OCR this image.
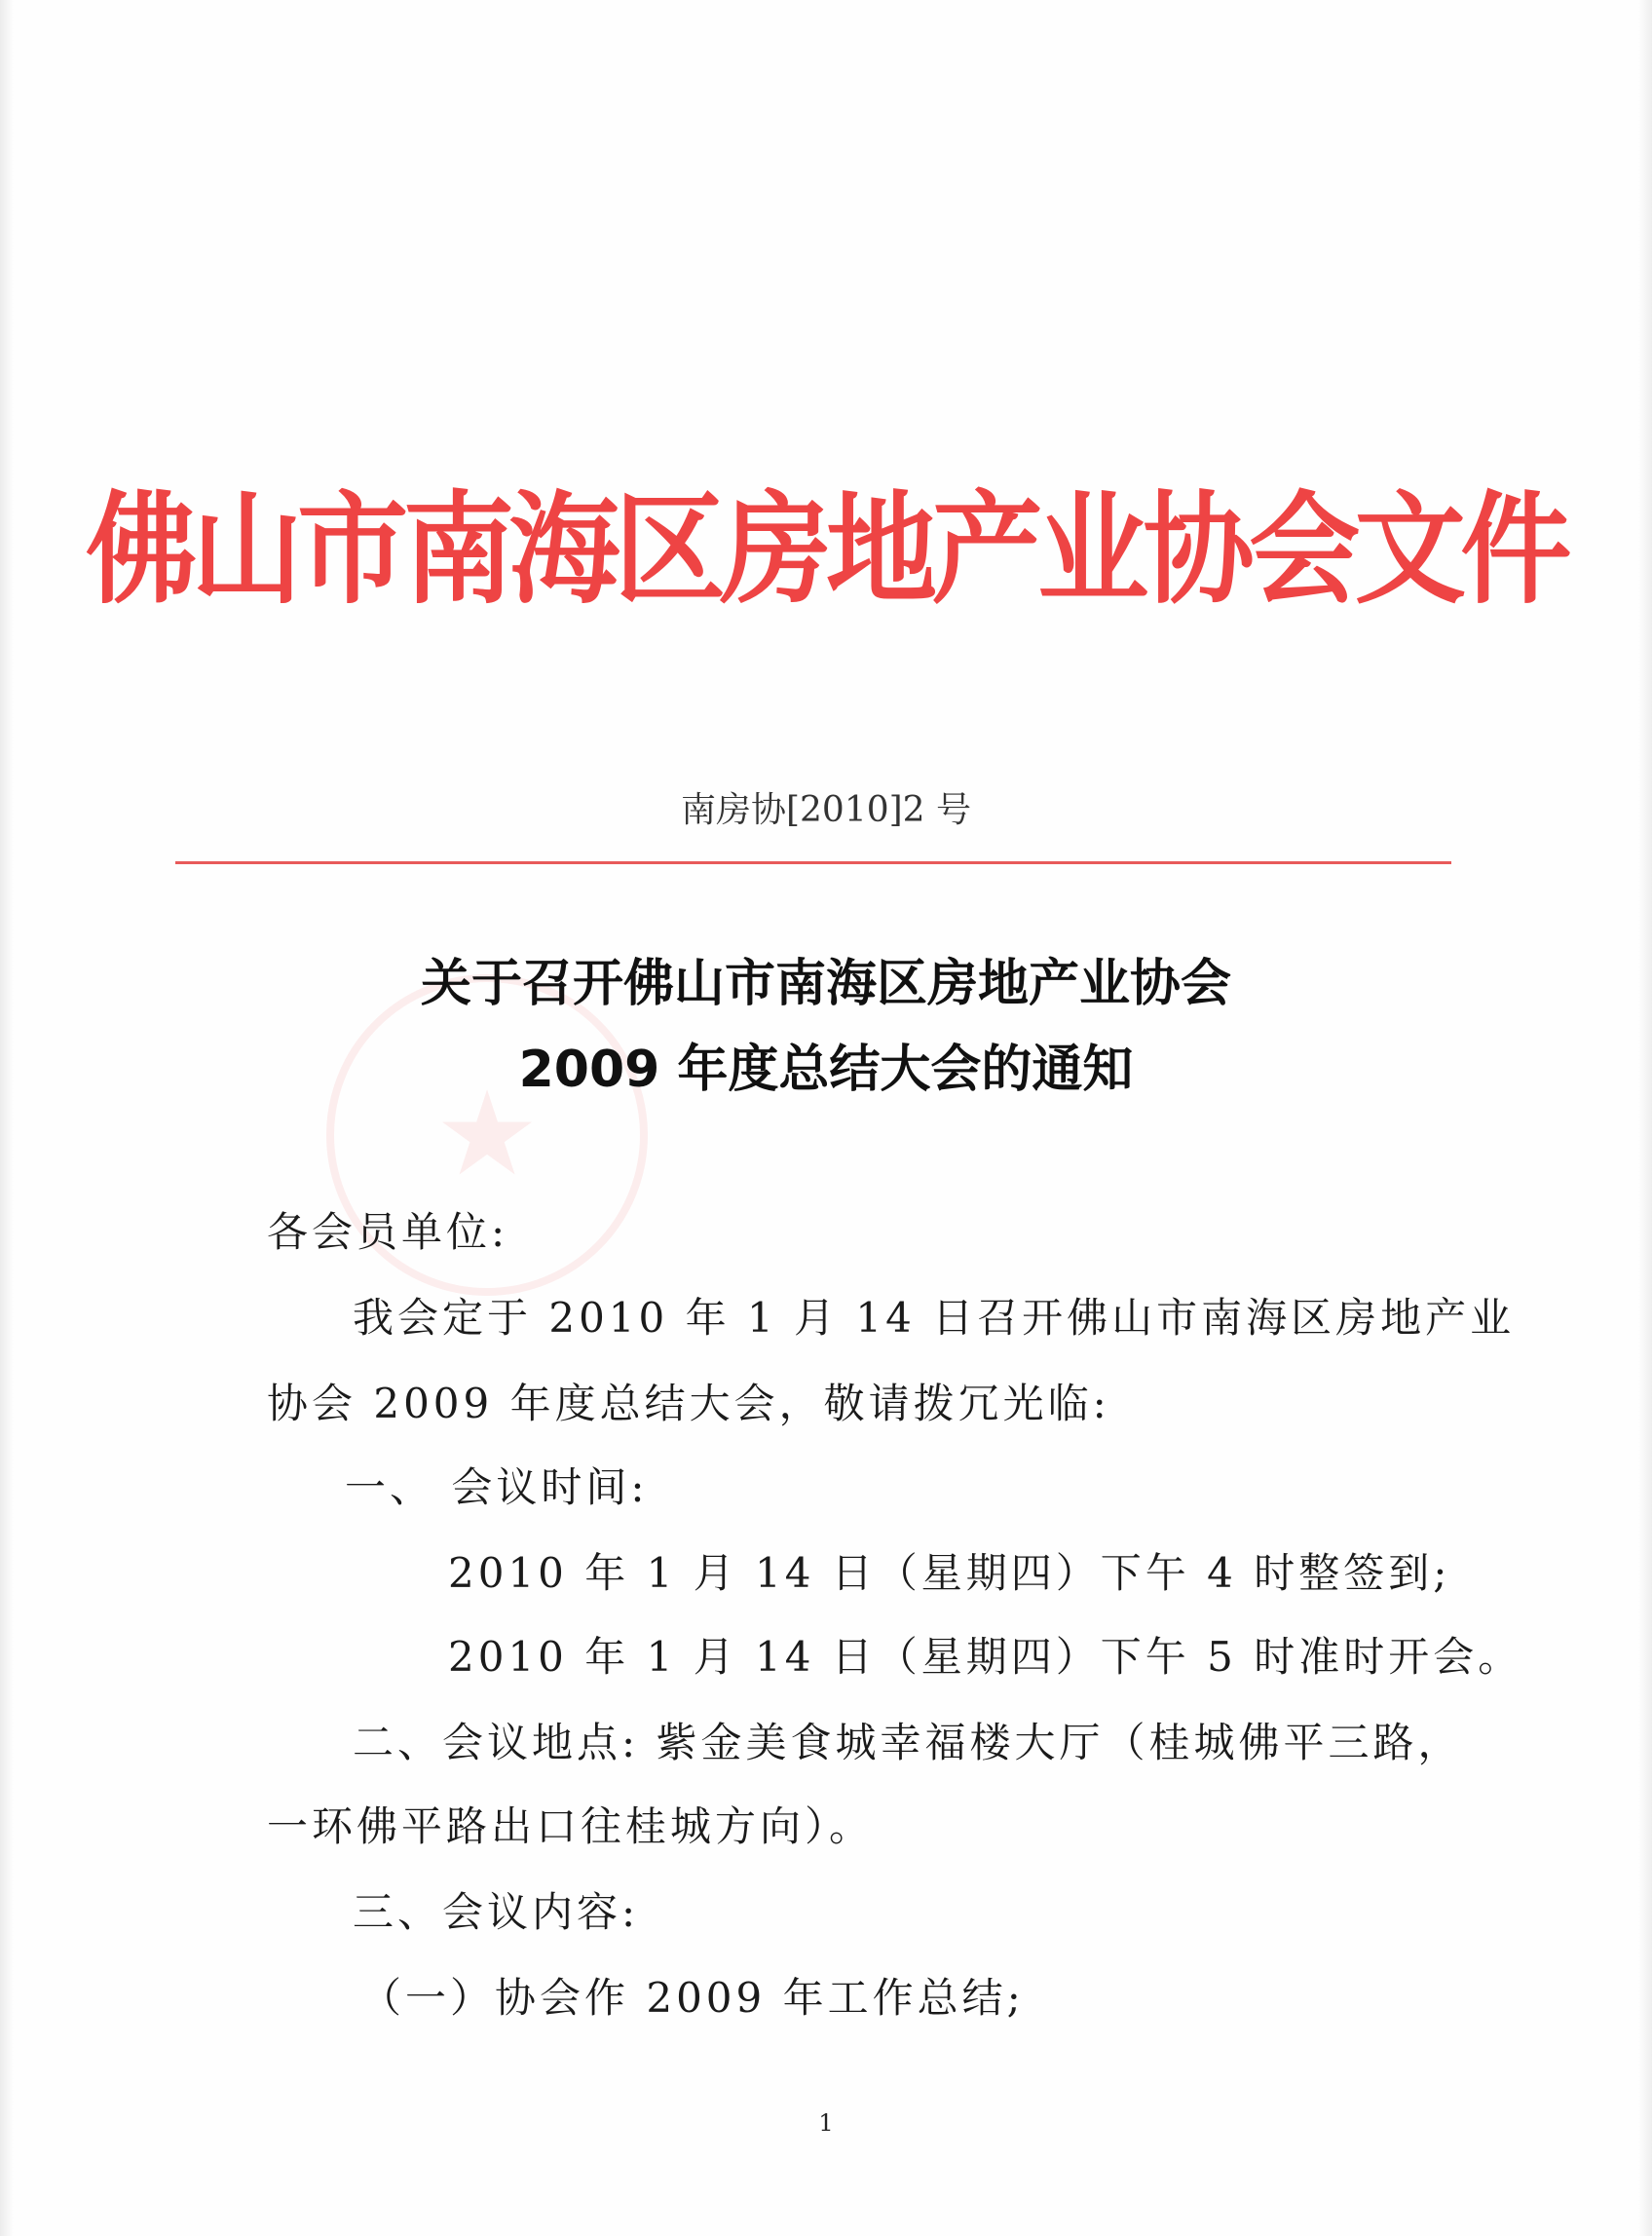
佛山市南海区房地产业协会文件
南房协[2010]2 号
★
关于召开佛山市南海区房地产业协会
2009 年度总结大会的通知
各会员单位:
我会定于 2010 年 1 月 14 日召开佛山市南海区房地产业
协会 2009 年度总结大会，敬请拨冗光临:
一、 会议时间:
2010 年 1 月 14 日（星期四）下午 4 时整签到;
2010 年 1 月 14 日（星期四）下午 5 时准时开会。
二、会议地点: 紫金美食城幸福楼大厅（桂城佛平三路，
一环佛平路出口往桂城方向）。
三、会议内容:
（一）协会作 2009 年工作总结;
1
